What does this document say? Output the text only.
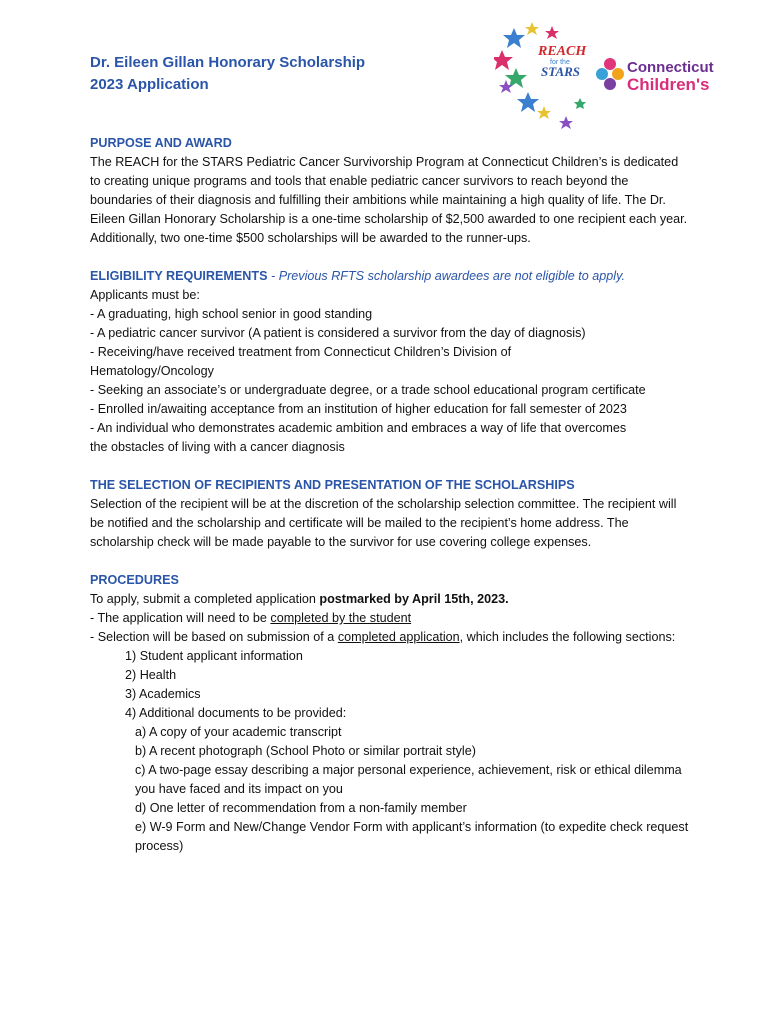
Dr. Eileen Gillan Honorary Scholarship
2023 Application
REACH
for the
STARS	Connecticut
Children's

PURPOSE AND AWARD

The REACH for the STARS Pediatric Cancer Survivorship Program at Connecticut Children’s is dedicated to creating unique programs and tools that enable pediatric cancer survivors to reach beyond the boundaries of their diagnosis and fulfilling their ambitions while maintaining a high quality of life. The Dr. Eileen Gillan Honorary Scholarship is a one-time scholarship of $2,500 awarded to one recipient each year. Additionally, two one-time $500 scholarships will be awarded to the runner-ups.

ELIGIBILITY REQUIREMENTS - Previous RFTS scholarship awardees are not eligible to apply.

Applicants must be:

- A graduating, high school senior in good standing

- A pediatric cancer survivor (A patient is considered a survivor from the day of diagnosis)

- Receiving/have received treatment from Connecticut Children’s Division of Hematology/Oncology

- Seeking an associate’s or undergraduate degree, or a trade school educational program certificate

- Enrolled in/awaiting acceptance from an institution of higher education for fall semester of 2023

- An individual who demonstrates academic ambition and embraces a way of life that overcomes the obstacles of living with a cancer diagnosis

THE SELECTION OF RECIPIENTS AND PRESENTATION OF THE SCHOLARSHIPS

Selection of the recipient will be at the discretion of the scholarship selection committee. The recipient will be notified and the scholarship and certificate will be mailed to the recipient’s home address. The scholarship check will be made payable to the survivor for use covering college expenses.

PROCEDURES

To apply, submit a completed application postmarked by April 15th, 2023.

- The application will need to be completed by the student

- Selection will be based on submission of a completed application, which includes the following sections:

1) Student applicant information

2) Health

3) Academics

4) Additional documents to be provided:

a) A copy of your academic transcript

b) A recent photograph (School Photo or similar portrait style)

c) A two-page essay describing a major personal experience, achievement, risk or ethical dilemma you have faced and its impact on you

d) One letter of recommendation from a non-family member

e) W-9 Form and New/Change Vendor Form with applicant’s information (to expedite check request process)
